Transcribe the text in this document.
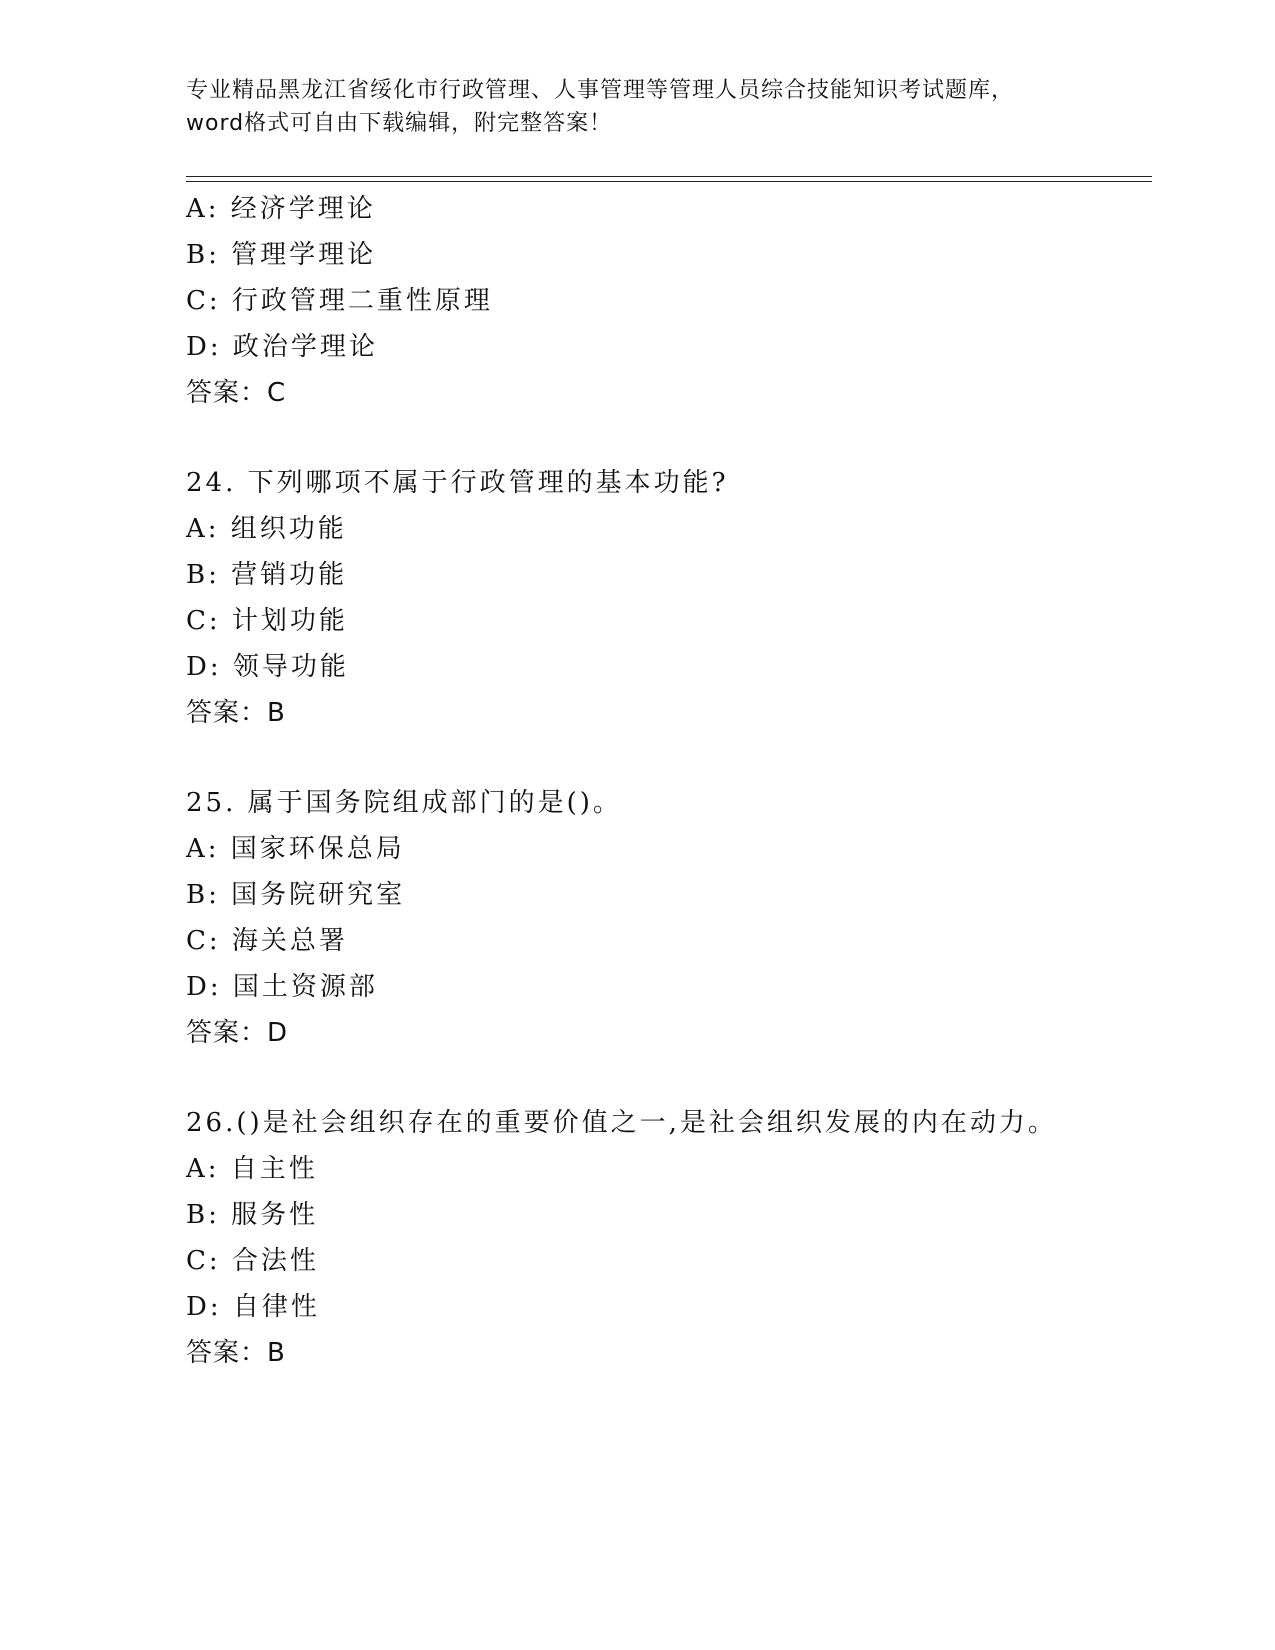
专业精品黑龙江省绥化市行政管理、人事管理等管理人员综合技能知识考试题库，
word格式可自由下载编辑，附完整答案！
A: 经济学理论
B: 管理学理论
C: 行政管理二重性原理
D: 政治学理论
答案：C
24. 下列哪项不属于行政管理的基本功能?
A: 组织功能
B: 营销功能
C: 计划功能
D: 领导功能
答案：B
25. 属于国务院组成部门的是()。
A: 国家环保总局
B: 国务院研究室
C: 海关总署
D: 国土资源部
答案：D
26.()是社会组织存在的重要价值之一,是社会组织发展的内在动力。
A: 自主性
B: 服务性
C: 合法性
D: 自律性
答案：B
